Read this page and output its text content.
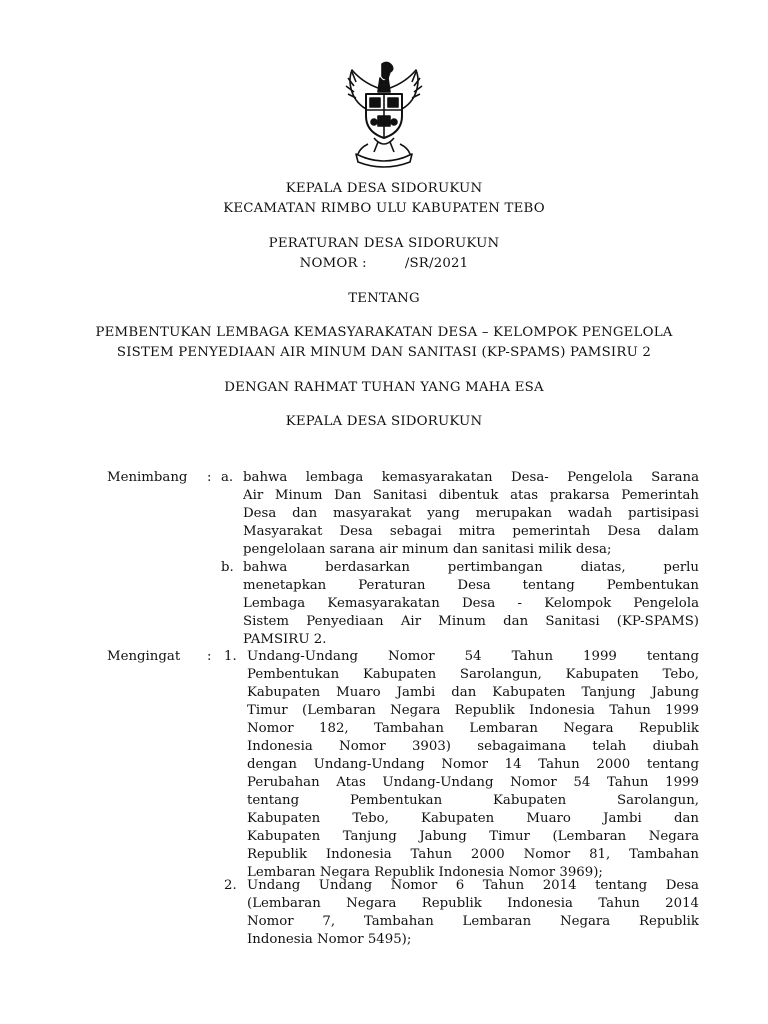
KEPALA DESA SIDORUKUN
KECAMATAN RIMBO ULU KABUPATEN TEBO
PERATURAN DESA SIDORUKUN
NOMOR :	/SR/2021
TENTANG
PEMBENTUKAN LEMBAGA KEMASYARAKATAN DESA – KELOMPOK PENGELOLA
SISTEM PENYEDIAAN AIR MINUM DAN SANITASI (KP-SPAMS) PAMSIRU 2
DENGAN RAHMAT TUHAN YANG MAHA ESA
KEPALA DESA SIDORUKUN
Menimbang : a. bahwa lembaga kemasyarakatan Desa- Pengelola Sarana
Air Minum Dan Sanitasi dibentuk atas prakarsa Pemerintah
Desa dan masyarakat yang merupakan wadah partisipasi
Masyarakat Desa sebagai mitra pemerintah Desa dalam
pengelolaan sarana air minum dan sanitasi milik desa;
b. bahwa berdasarkan pertimbangan diatas, perlu
menetapkan Peraturan Desa tentang Pembentukan
Lembaga Kemasyarakatan Desa - Kelompok Pengelola
Sistem Penyediaan Air Minum dan Sanitasi (KP-SPAMS)
PAMSIRU 2.
Mengingat : 1. Undang-Undang Nomor 54 Tahun 1999 tentang
Pembentukan Kabupaten Sarolangun, Kabupaten Tebo,
Kabupaten Muaro Jambi dan Kabupaten Tanjung Jabung
Timur (Lembaran Negara Republik Indonesia Tahun 1999
Nomor 182, Tambahan Lembaran Negara Republik
Indonesia Nomor 3903) sebagaimana telah diubah
dengan Undang-Undang Nomor 14 Tahun 2000 tentang
Perubahan Atas Undang-Undang Nomor 54 Tahun 1999
tentang Pembentukan Kabupaten Sarolangun,
Kabupaten Tebo, Kabupaten Muaro Jambi dan
Kabupaten Tanjung Jabung Timur (Lembaran Negara
Republik Indonesia Tahun 2000 Nomor 81, Tambahan
Lembaran Negara Republik Indonesia Nomor 3969);
2. Undang Undang Nomor 6 Tahun 2014 tentang Desa
(Lembaran Negara Republik Indonesia Tahun 2014
Nomor 7, Tambahan Lembaran Negara Republik
Indonesia Nomor 5495);
